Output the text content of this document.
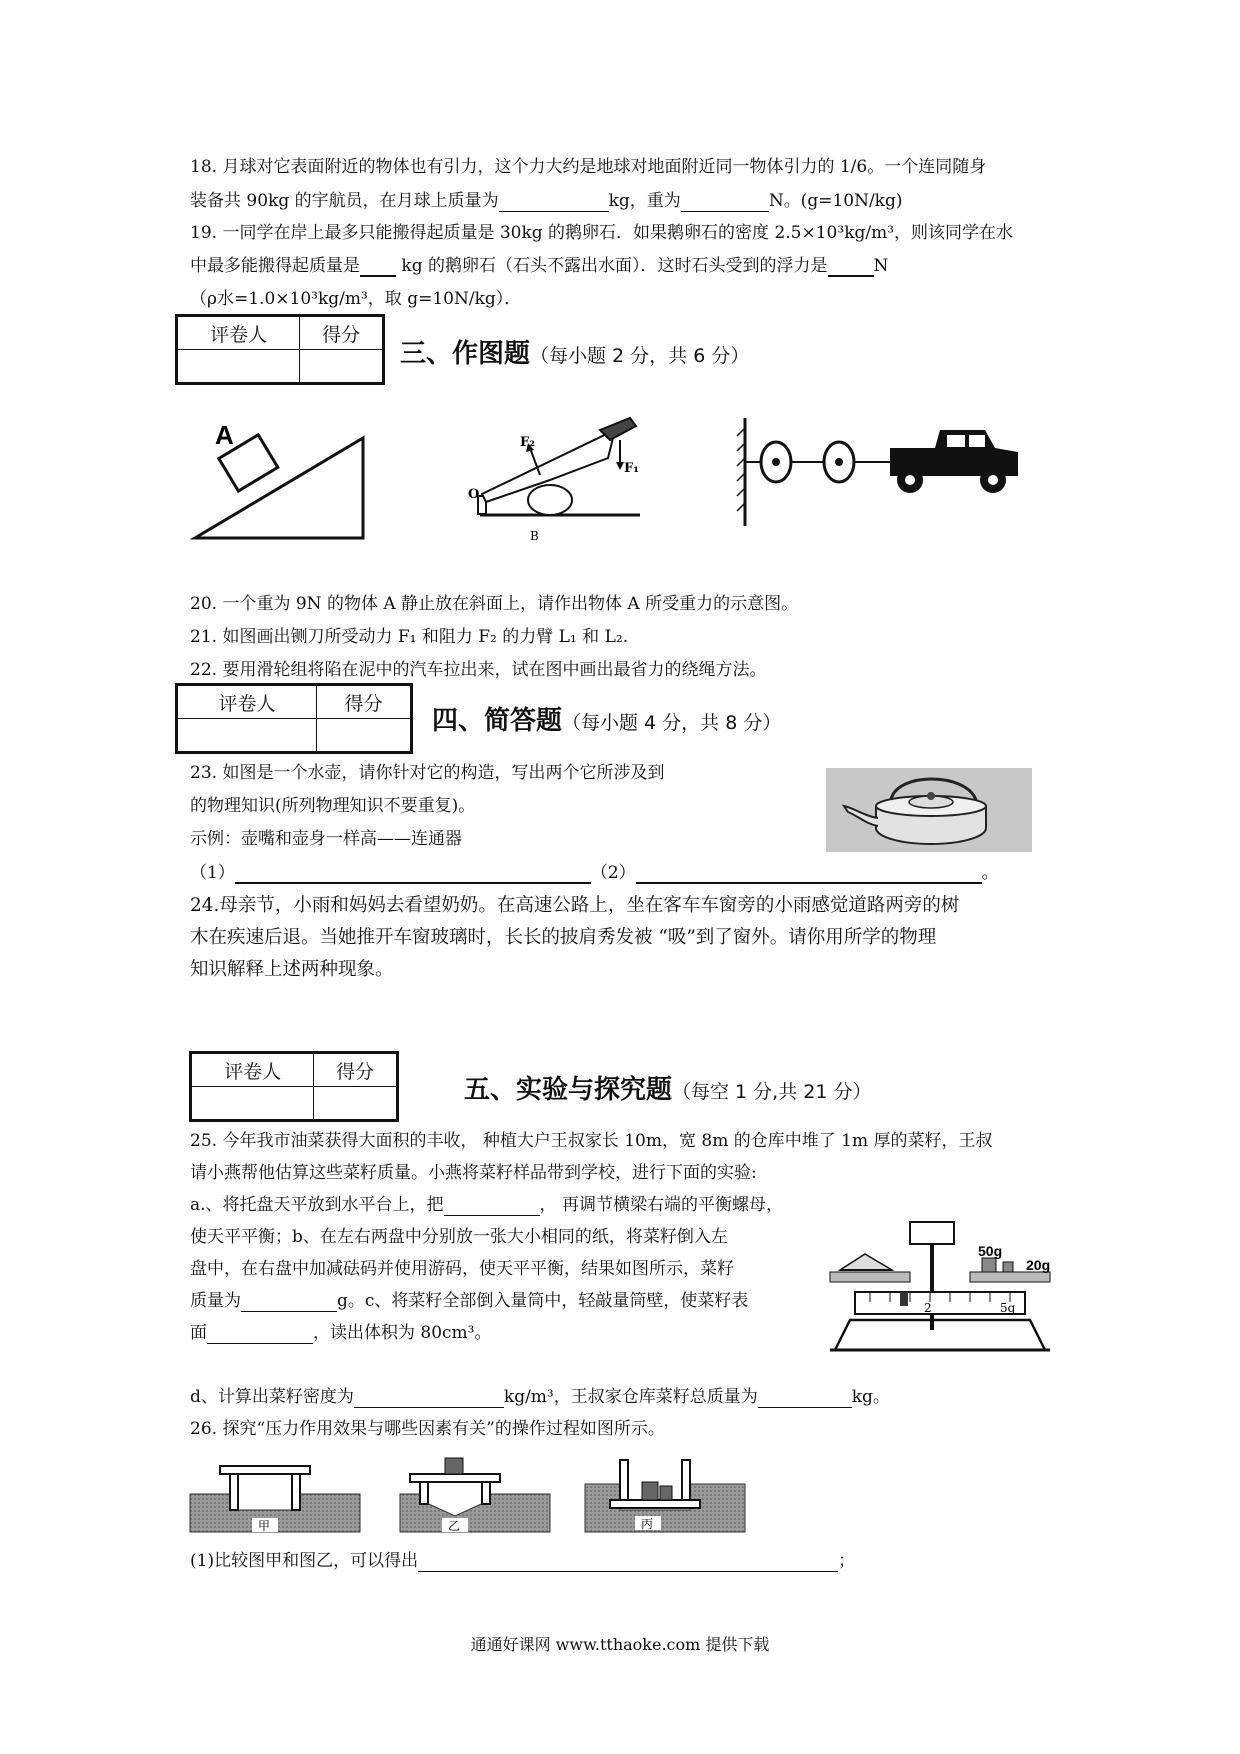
18. 月球对它表面附近的物体也有引力，这个力大约是地球对地面附近同一物体引力的 1/6。一个连同随身
装备共 90kg 的宇航员，在月球上质量为	kg，重为	N。(g=10N/kg)
19. 一同学在岸上最多只能搬得起质量是 30kg 的鹅卵石．如果鹅卵石的密度 2.5×10³kg/m³，则该同学在水
中最多能搬得起质量是 kg 的鹅卵石（石头不露出水面）．这时石头受到的浮力是	N
（ρ水=1.0×10³kg/m³，取 g=10N/kg）．
评卷人	得分

三、作图题（每小题 2 分，共 6 分）
A	F₂
F₁
O
B
20. 一个重为 9N 的物体 A 静止放在斜面上，请作出物体 A 所受重力的示意图。
21. 如图画出铡刀所受动力 F₁ 和阻力 F₂ 的力臂 L₁ 和 L₂.
22. 要用滑轮组将陷在泥中的汽车拉出来，试在图中画出最省力的绕绳方法。
评卷人	得分

四、简答题（每小题 4 分，共 8 分）
23. 如图是一个水壶，请你针对它的构造，写出两个它所涉及到
的物理知识(所列物理知识不要重复)。
示例：壶嘴和壶身一样高——连通器
（1）	（2）	。
24.母亲节，小雨和妈妈去看望奶奶。在高速公路上，坐在客车车窗旁的小雨感觉道路两旁的树
木在疾速后退。当她推开车窗玻璃时，长长的披肩秀发被 “吸”到了窗外。请你用所学的物理
知识解释上述两种现象。
评卷人	得分

五、实验与探究题（每空 1 分,共 21 分）
25. 今年我市油菜获得大面积的丰收， 种植大户王叔家长 10m，宽 8m 的仓库中堆了 1m 厚的菜籽，王叔
请小燕帮他估算这些菜籽质量。小燕将菜籽样品带到学校，进行下面的实验:
a.、将托盘天平放到水平台上，把	， 再调节横梁右端的平衡螺母，
使天平平衡；b、在左右两盘中分别放一张大小相同的纸，将菜籽倒入左
盘中，在右盘中加减砝码并使用游码，使天平平衡，结果如图所示，菜籽
质量为	g。c、将菜籽全部倒入量筒中，轻敲量筒壁，使菜籽表
面	，读出体积为 80cm³。
d、计算出菜籽密度为	kg/m³，王叔家仓库菜籽总质量为	kg。
50g
20g
2	5g
26. 探究“压力作用效果与哪些因素有关”的操作过程如图所示。
甲	乙	丙
(1)比较图甲和图乙，可以得出	；
通通好课网 www.tthaoke.com 提供下载
